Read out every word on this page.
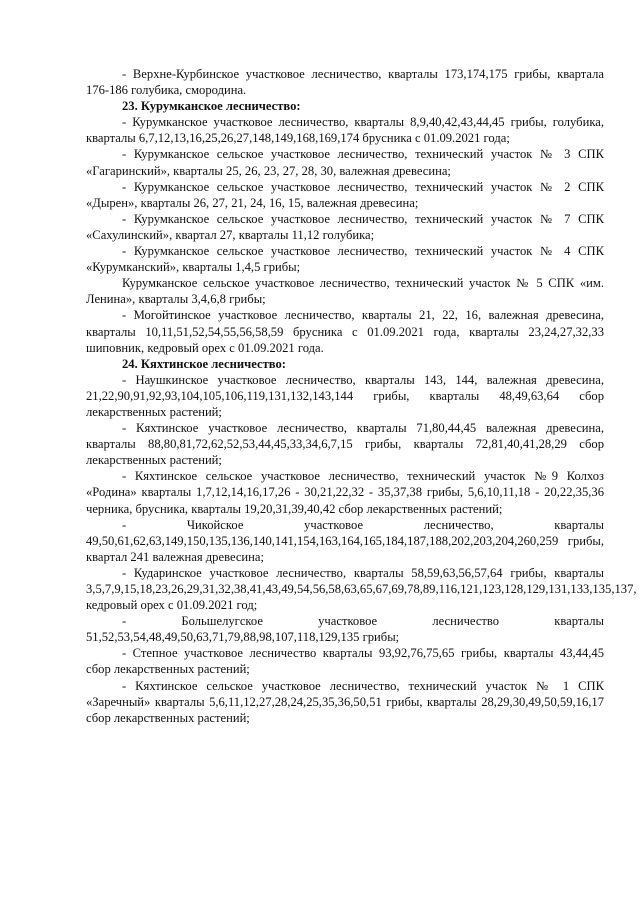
- Верхне-Курбинское участковое лесничество, кварталы 173,174,175 грибы, квартала 176-186 голубика, смородина.

23. Курумканское лесничество:

- Курумканское участковое лесничество, кварталы 8,9,40,42,43,44,45 грибы, голубика, кварталы 6,7,12,13,16,25,26,27,148,149,168,169,174 брусника с 01.09.2021 года;

- Курумканское сельское участковое лесничество, технический участок № 3 СПК «Гагаринский», кварталы 25, 26, 23, 27, 28, 30, валежная древесина;

- Курумканское сельское участковое лесничество, технический участок № 2 СПК «Дырен», кварталы 26, 27, 21, 24, 16, 15, валежная древесина;

- Курумканское сельское участковое лесничество, технический участок № 7 СПК «Сахулинский», квартал 27, кварталы 11,12 голубика;

- Курумканское сельское участковое лесничество, технический участок № 4 СПК «Курумканский», кварталы 1,4,5 грибы;

Курумканское сельское участковое лесничество, технический участок № 5 СПК «им. Ленина», кварталы 3,4,6,8 грибы;

- Могойтинское участковое лесничество, кварталы 21, 22, 16, валежная древесина, кварталы 10,11,51,52,54,55,56,58,59 брусника с 01.09.2021 года, кварталы 23,24,27,32,33 шиповник, кедровый орех с 01.09.2021 года.

24. Кяхтинское лесничество:

- Наушкинское участковое лесничество, кварталы 143, 144, валежная древесина, 21,22,90,91,92,93,104,105,106,119,131,132,143,144 грибы, кварталы 48,49,63,64 сбор лекарственных растений;

- Кяхтинское участковое лесничество, кварталы 71,80,44,45 валежная древесина, кварталы 88,80,81,72,62,52,53,44,45,33,34,6,7,15 грибы, кварталы 72,81,40,41,28,29 сбор лекарственных растений;

- Кяхтинское сельское участковое лесничество, технический участок №9 Колхоз «Родина» кварталы 1,7,12,14,16,17,26 - 30,21,22,32 - 35,37,38 грибы, 5,6,10,11,18 - 20,22,35,36 черника, брусника, кварталы 19,20,31,39,40,42 сбор лекарственных растений;

- Чикойское участковое лесничество, кварталы 49,50,61,62,63,149,150,135,136,140,141,154,163,164,165,184,187,188,202,203,204,260,259 грибы, квартал 241 валежная древесина;

- Кударинское участковое лесничество, кварталы 58,59,63,56,57,64 грибы, кварталы 3,5,7,9,15,18,23,26,29,31,32,38,41,43,49,54,56,58,63,65,67,69,78,89,116,121,123,128,129,131,133,135,137, кедровый орех с 01.09.2021 год;

- Большелугское участковое лесничество кварталы 51,52,53,54,48,49,50,63,71,79,88,98,107,118,129,135 грибы;

- Степное участковое лесничество кварталы 93,92,76,75,65 грибы, кварталы 43,44,45 сбор лекарственных растений;

- Кяхтинское сельское участковое лесничество, технический участок № 1 СПК «Заречный» кварталы 5,6,11,12,27,28,24,25,35,36,50,51 грибы, кварталы 28,29,30,49,50,59,16,17 сбор лекарственных растений;
